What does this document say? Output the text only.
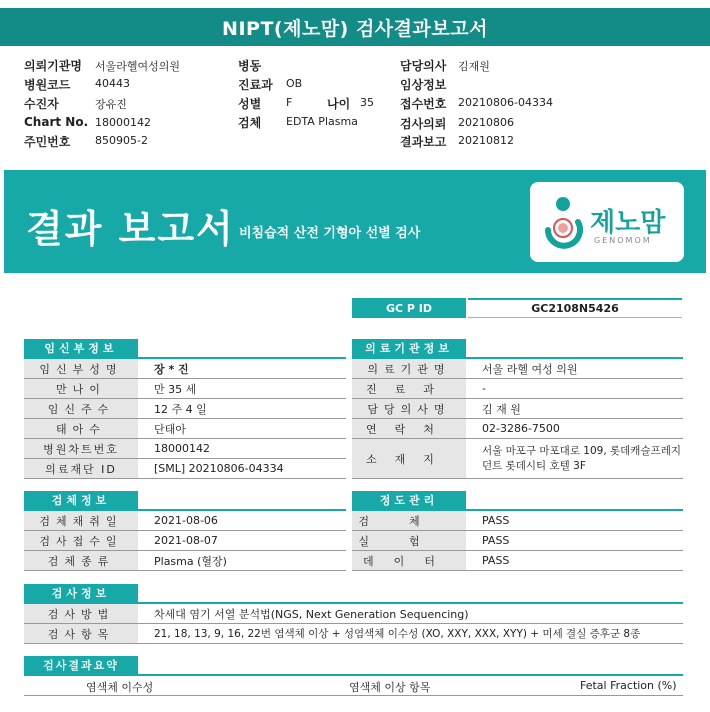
NIPT(제노맘) 검사결과보고서
의뢰기관명 서울라헬여성의원
병원코드 40443
수진자	장유진
Chart No. 18000142
주민번호 850905-2
병동
진료과 OB
성별 F	나이 35
검체 EDTA Plasma
담당의사 김재원
임상정보
접수번호 20210806-04334
검사의뢰 20210806
결과보고 20210812
결과 보고서 비침습적 산전 기형아 선별 검사	제노맘
GENOMOM
GC P ID	GC2108N5426
임신부정보
임신부성명	장 * 진
만나이	만 35 세
임신주수	12 주 4 일
태아수	단태아
병원차트번호	18000142
의료재단 ID	[SML] 20210806-04334
의료기관정보
의료기관명	서울 라헬 여성 의원
진료과	-
담당의사명	김 재 원
연락처	02-3286-7500
소재지
서울 마포구 마포대로 109, 롯데캐슬프레지던트 롯데시티 호텔 3F
검체정보
검체채취일	2021-08-06
검사접수일	2021-08-07
검체종류	Plasma (혈장)
정도관리
검체	PASS
실험	PASS
데이터	PASS
검사정보
검사방법	차세대 염기 서열 분석법(NGS, Next Generation Sequencing)
검사항목	21, 18, 13, 9, 16, 22번 염색체 이상 + 성염색체 이수성 (XO, XXY, XXX, XYY) + 미세 결실 증후군 8종
검사결과요약
염색체 이수성	염색체 이상 항목	Fetal Fraction (%)
